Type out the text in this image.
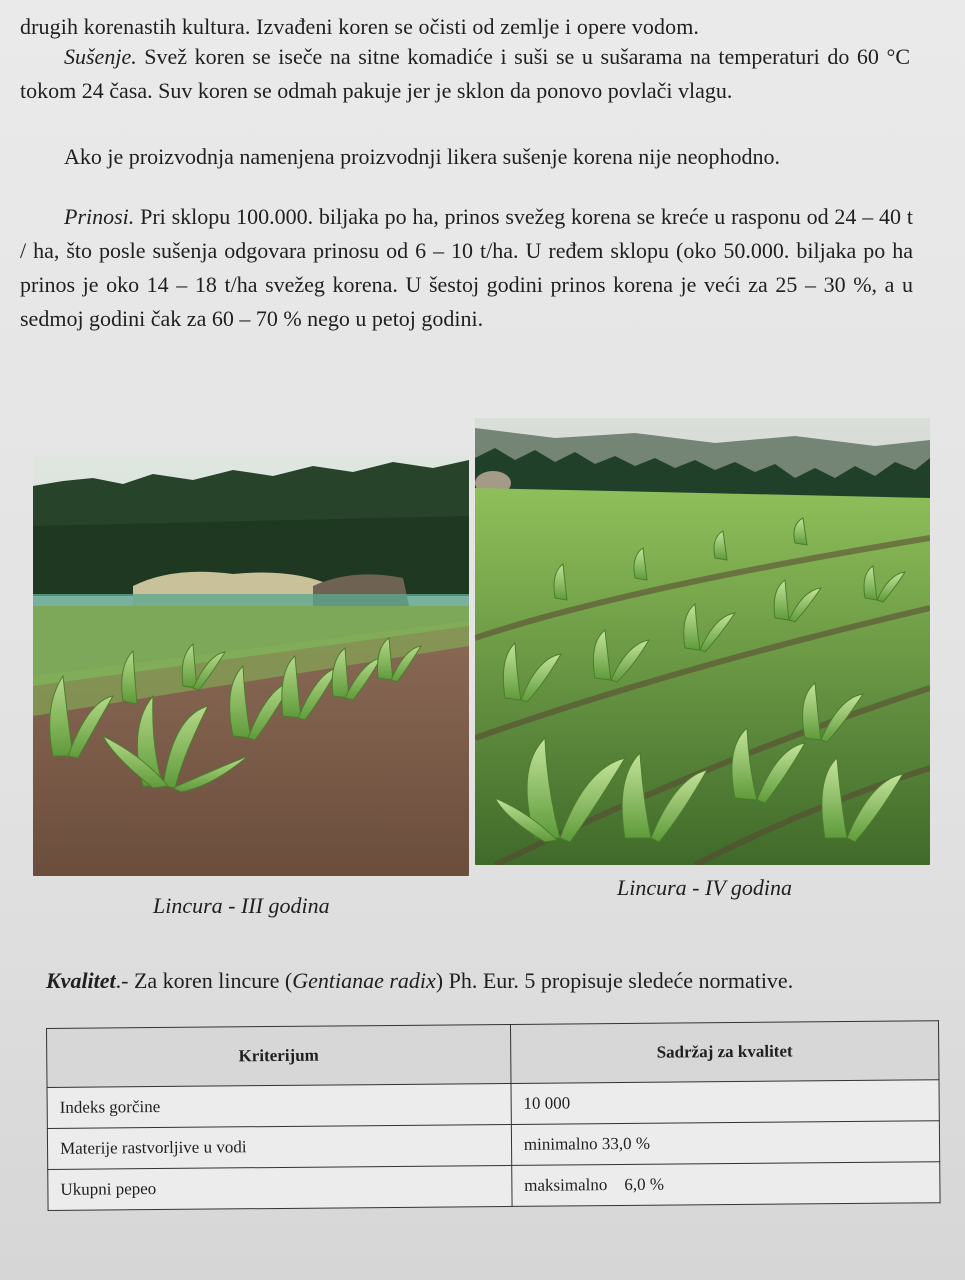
drugih korenastih kultura. Izvađeni koren se očisti od zemlje i opere vodom.
Sušenje. Svež koren se iseče na sitne komadiće i suši se u sušarama na temperaturi do 60 °C tokom 24 časa. Suv koren se odmah pakuje jer je sklon da ponovo povlači vlagu.
Ako je proizvodnja namenjena proizvodnji likera sušenje korena nije neophodno.
Prinosi. Pri sklopu 100.000. biljaka po ha, prinos svežeg korena se kreće u rasponu od 24 – 40 t / ha, što posle sušenja odgovara prinosu od 6 – 10 t/ha. U ređem sklopu (oko 50.000. biljaka po ha prinos je oko 14 – 18 t/ha svežeg korena. U šestoj godini prinos korena je veći za 25 – 30 %, a u sedmoj godini čak za 60 – 70 % nego u petoj godini.
Lincura - III godina
Lincura - IV godina
Kvalitet.- Za koren lincure (Gentianae radix) Ph. Eur. 5 propisuje sledeće normative.
Kriterijum	Sadržaj za kvalitet
Indeks gorčine	10 000
Materije rastvorljive u vodi	minimalno 33,0 %
Ukupni pepeo	maksimalno    6,0 %
